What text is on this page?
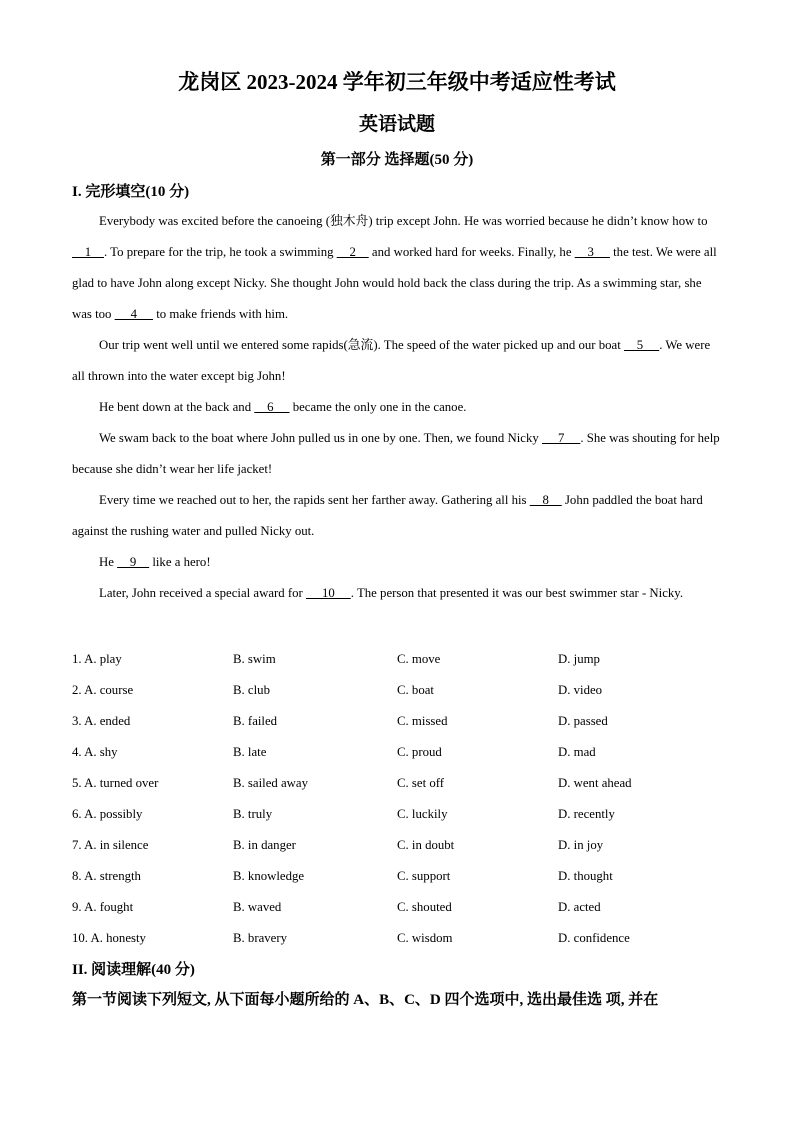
龙岗区 2023-2024 学年初三年级中考适应性考试
英语试题
第一部分 选择题(50 分)
I. 完形填空(10 分)

Everybody was excited before the canoeing (独木舟) trip except John. He was worried because he didn’t know how to     1    . To prepare for the trip, he took a swimming     2     and worked hard for weeks. Finally, he     3      the test. We were all glad to have John along except Nicky. She thought John would hold back the class during the trip. As a swimming star, she was too      4      to make friends with him.

Our trip went well until we entered some rapids(急流). The speed of the water picked up and our boat     5     . We were all thrown into the water except big John!

He bent down at the back and     6      became the only one in the canoe.

We swam back to the boat where John pulled us in one by one. Then, we found Nicky      7     . She was shouting for help because she didn’t wear her life jacket!

Every time we reached out to her, the rapids sent her farther away. Gathering all his     8     John paddled the boat hard against the rushing water and pulled Nicky out.

He     9     like a hero!

Later, John received a special award for      10     . The person that presented it was our best swimmer star - Nicky.

1. A. play	B. swim	C. move	D. jump
2. A. course	B. club	C. boat	D. video
3. A. ended	B. failed	C. missed	D. passed
4. A. shy	B. late	C. proud	D. mad
5. A. turned over	B. sailed away	C. set off	D. went ahead
6. A. possibly	B. truly	C. luckily	D. recently
7. A. in silence	B. in danger	C. in doubt	D. in joy
8. A. strength	B. knowledge	C. support	D. thought
9. A. fought	B. waved	C. shouted	D. acted
10. A. honesty	B. bravery	C. wisdom	D. confidence
II. 阅读理解(40 分)
第一节阅读下列短文, 从下面每小题所给的 A、B、C、D 四个选项中, 选出最佳选 项, 并在
